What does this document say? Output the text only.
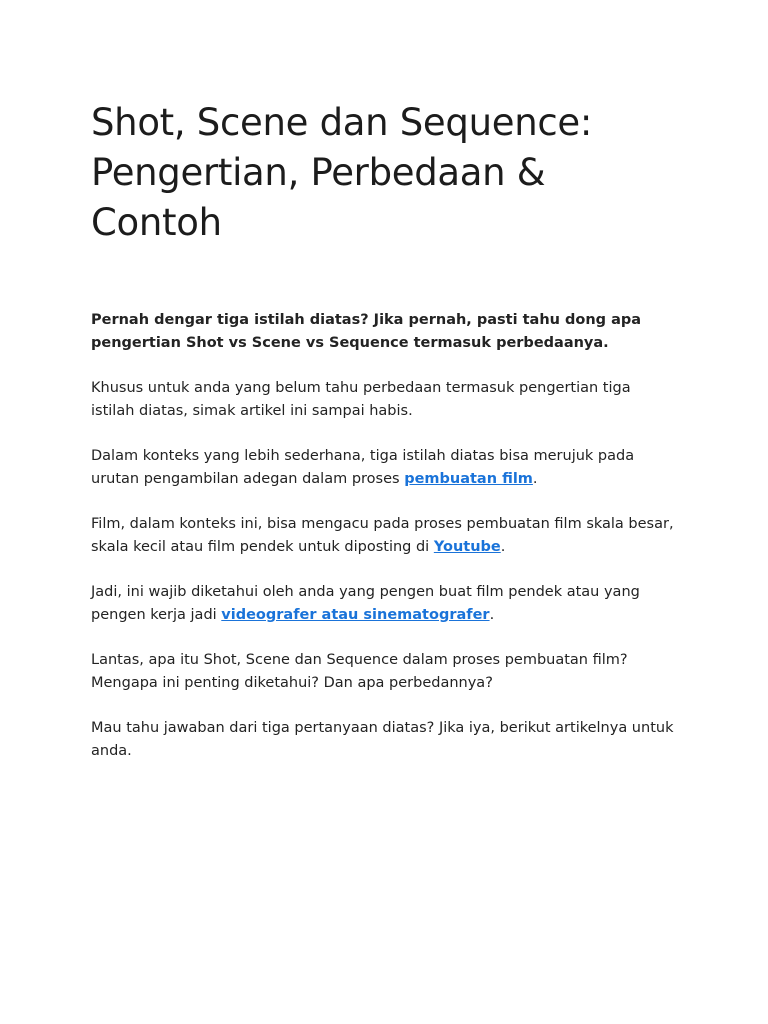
Shot, Scene dan Sequence:
Pengertian, Perbedaan & Contoh

Pernah dengar tiga istilah diatas? Jika pernah, pasti tahu dong apa pengertian Shot vs Scene vs Sequence termasuk perbedaanya.

Khusus untuk anda yang belum tahu perbedaan termasuk pengertian tiga istilah diatas, simak artikel ini sampai habis.

Dalam konteks yang lebih sederhana, tiga istilah diatas bisa merujuk pada urutan pengambilan adegan dalam proses pembuatan film.

Film, dalam konteks ini, bisa mengacu pada proses pembuatan film skala besar, skala kecil atau film pendek untuk diposting di Youtube.

Jadi, ini wajib diketahui oleh anda yang pengen buat film pendek atau yang pengen kerja jadi videografer atau sinematografer.

Lantas, apa itu Shot, Scene dan Sequence dalam proses pembuatan film? Mengapa ini penting diketahui? Dan apa perbedannya?

Mau tahu jawaban dari tiga pertanyaan diatas? Jika iya, berikut artikelnya untuk anda.
